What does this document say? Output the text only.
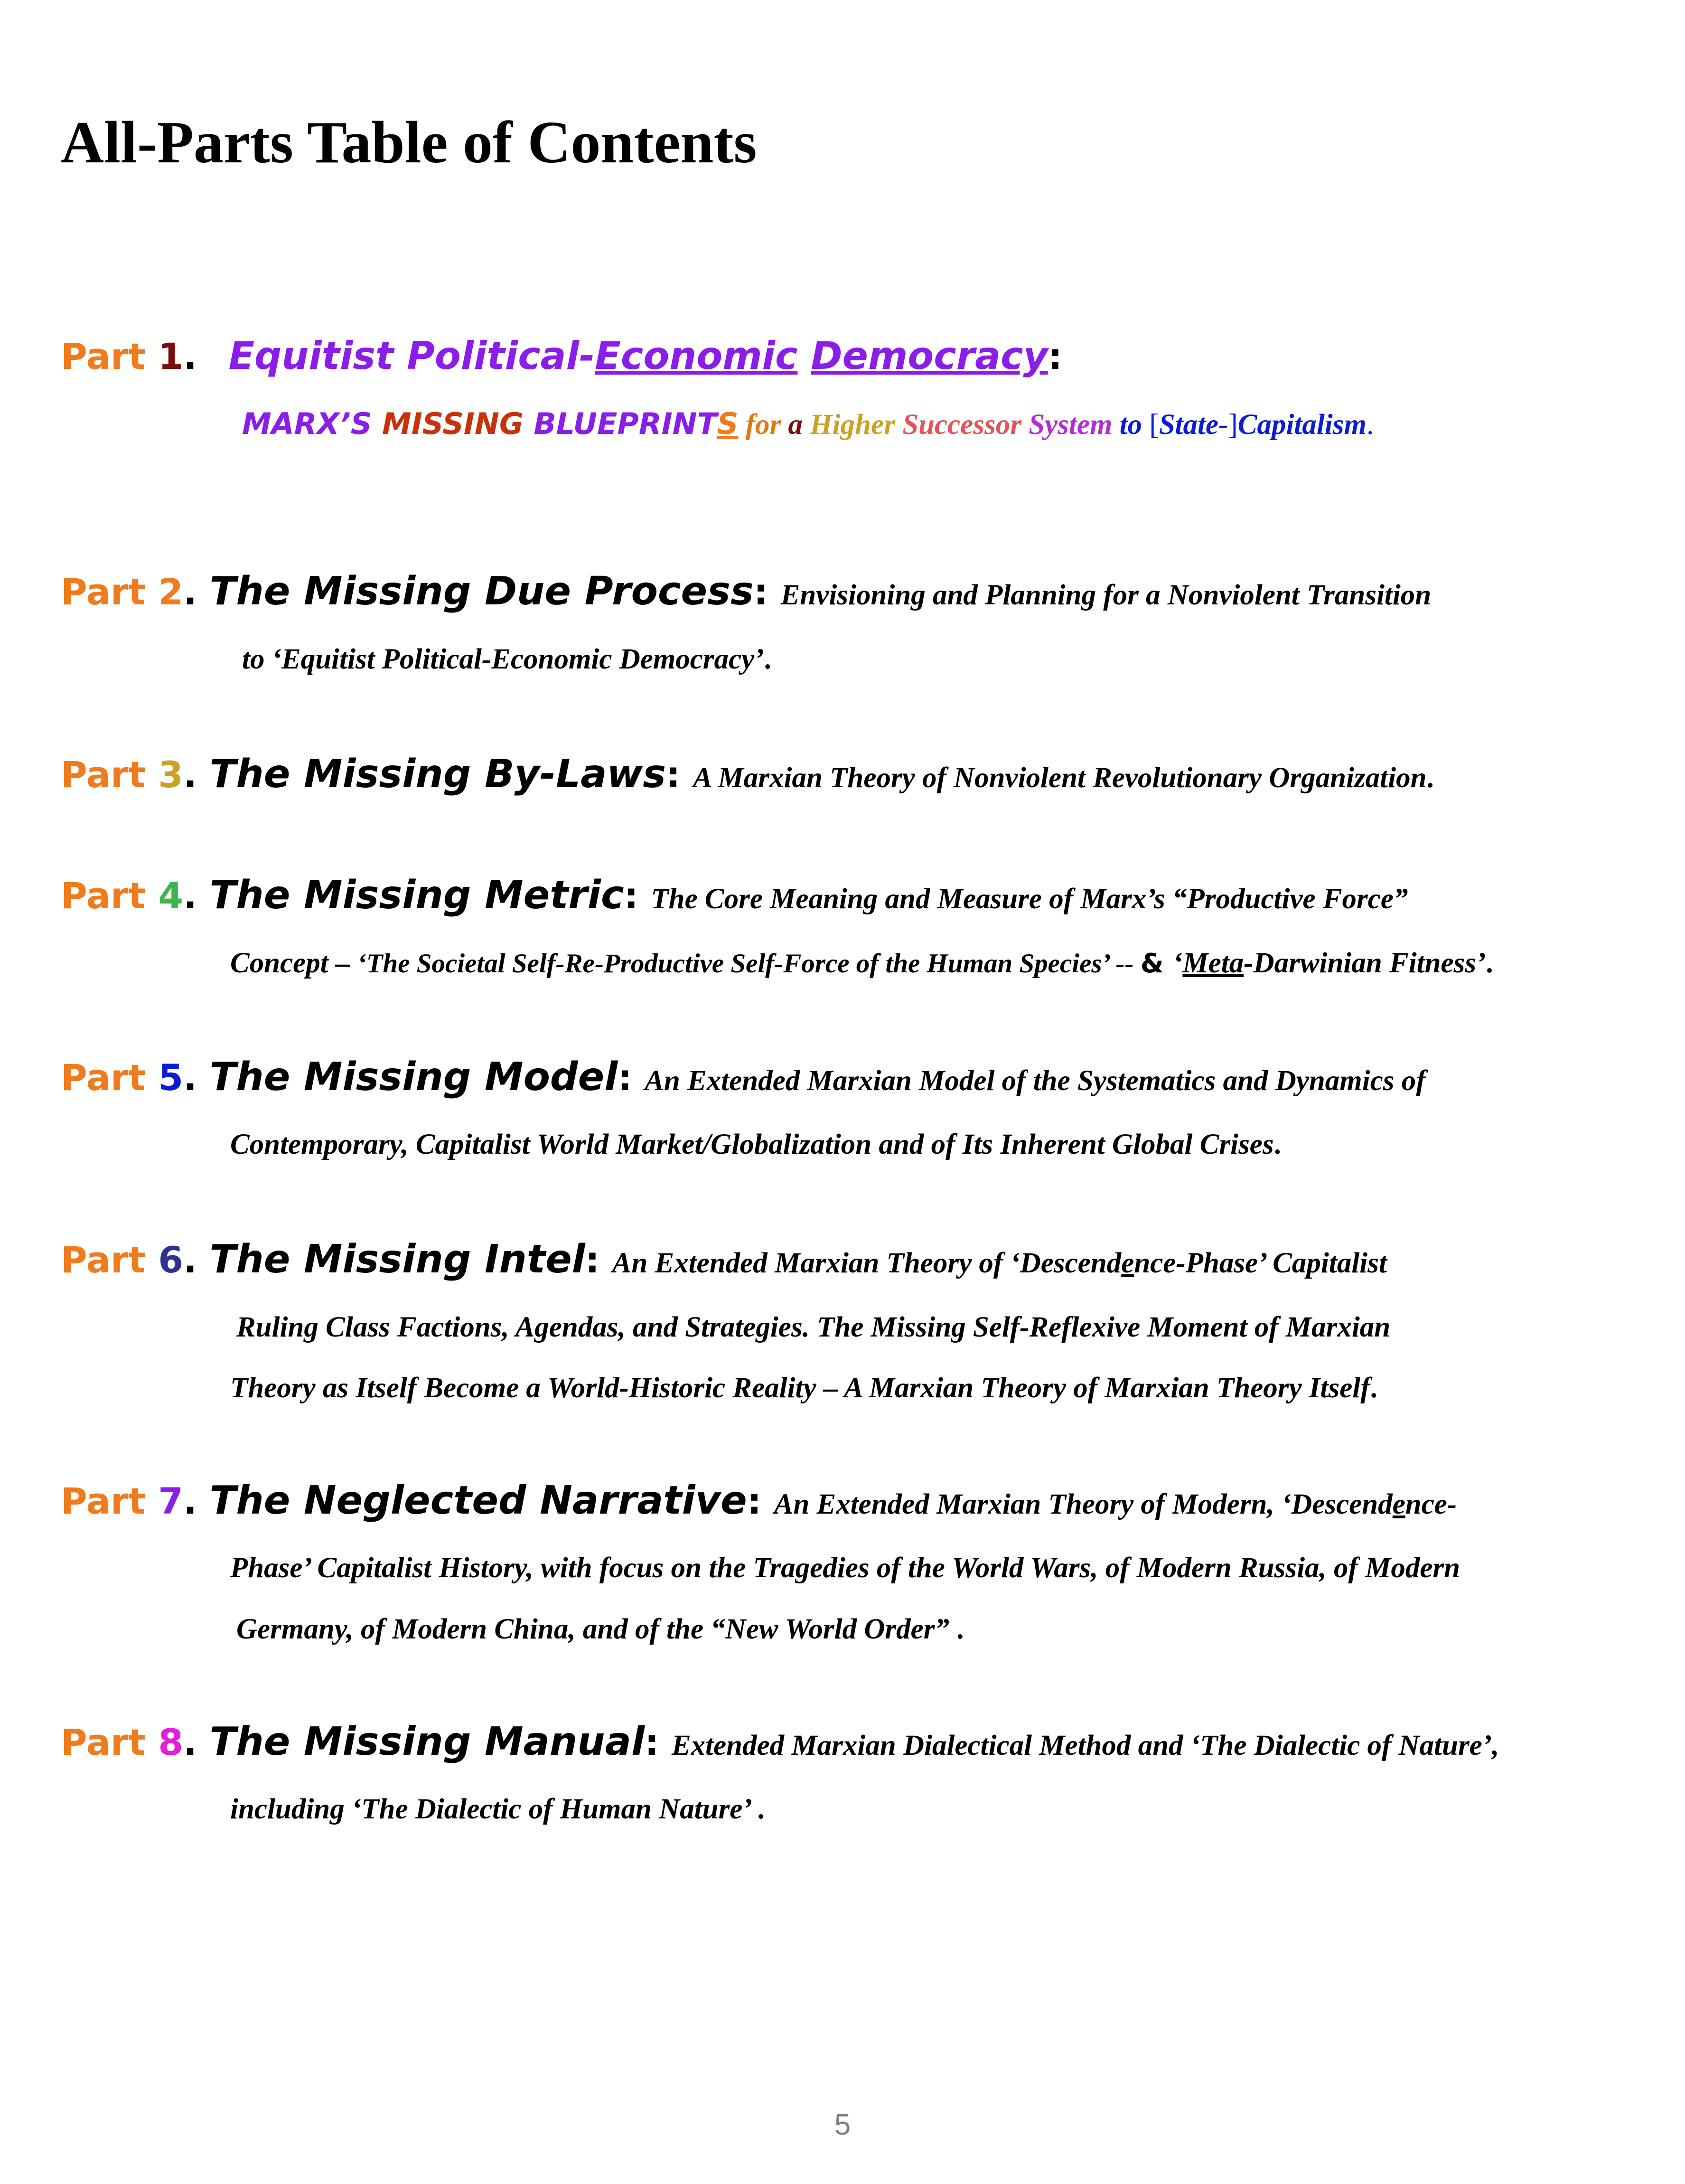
All-Parts Table of Contents
Part 1. Equitist Political-Economic Democracy:
MARX’S MISSING BLUEPRINTS for a Higher Successor System to [State-]Capitalism.
Part 2. The Missing Due Process: Envisioning and Planning for a Nonviolent Transition
to ‘Equitist Political-Economic Democracy’.
Part 3. The Missing By-Laws: A Marxian Theory of Nonviolent Revolutionary Organization.
Part 4. The Missing Metric: The Core Meaning and Measure of Marx’s “Productive Force”
Concept – ‘The Societal Self-Re-Productive Self-Force of the Human Species’ -- & ‘Meta-Darwinian Fitness’.
Part 5. The Missing Model: An Extended Marxian Model of the Systematics and Dynamics of
Contemporary, Capitalist World Market/Globalization and of Its Inherent Global Crises.
Part 6. The Missing Intel: An Extended Marxian Theory of ‘Descendence-Phase’ Capitalist
Ruling Class Factions, Agendas, and Strategies. The Missing Self-Reflexive Moment of Marxian
Theory as Itself Become a World-Historic Reality – A Marxian Theory of Marxian Theory Itself.
Part 7. The Neglected Narrative: An Extended Marxian Theory of Modern, ‘Descendence-
Phase’ Capitalist History, with focus on the Tragedies of the World Wars, of Modern Russia, of Modern
Germany, of Modern China, and of the “New World Order” .
Part 8. The Missing Manual: Extended Marxian Dialectical Method and ‘The Dialectic of Nature’,
including ‘The Dialectic of Human Nature’ .
5
